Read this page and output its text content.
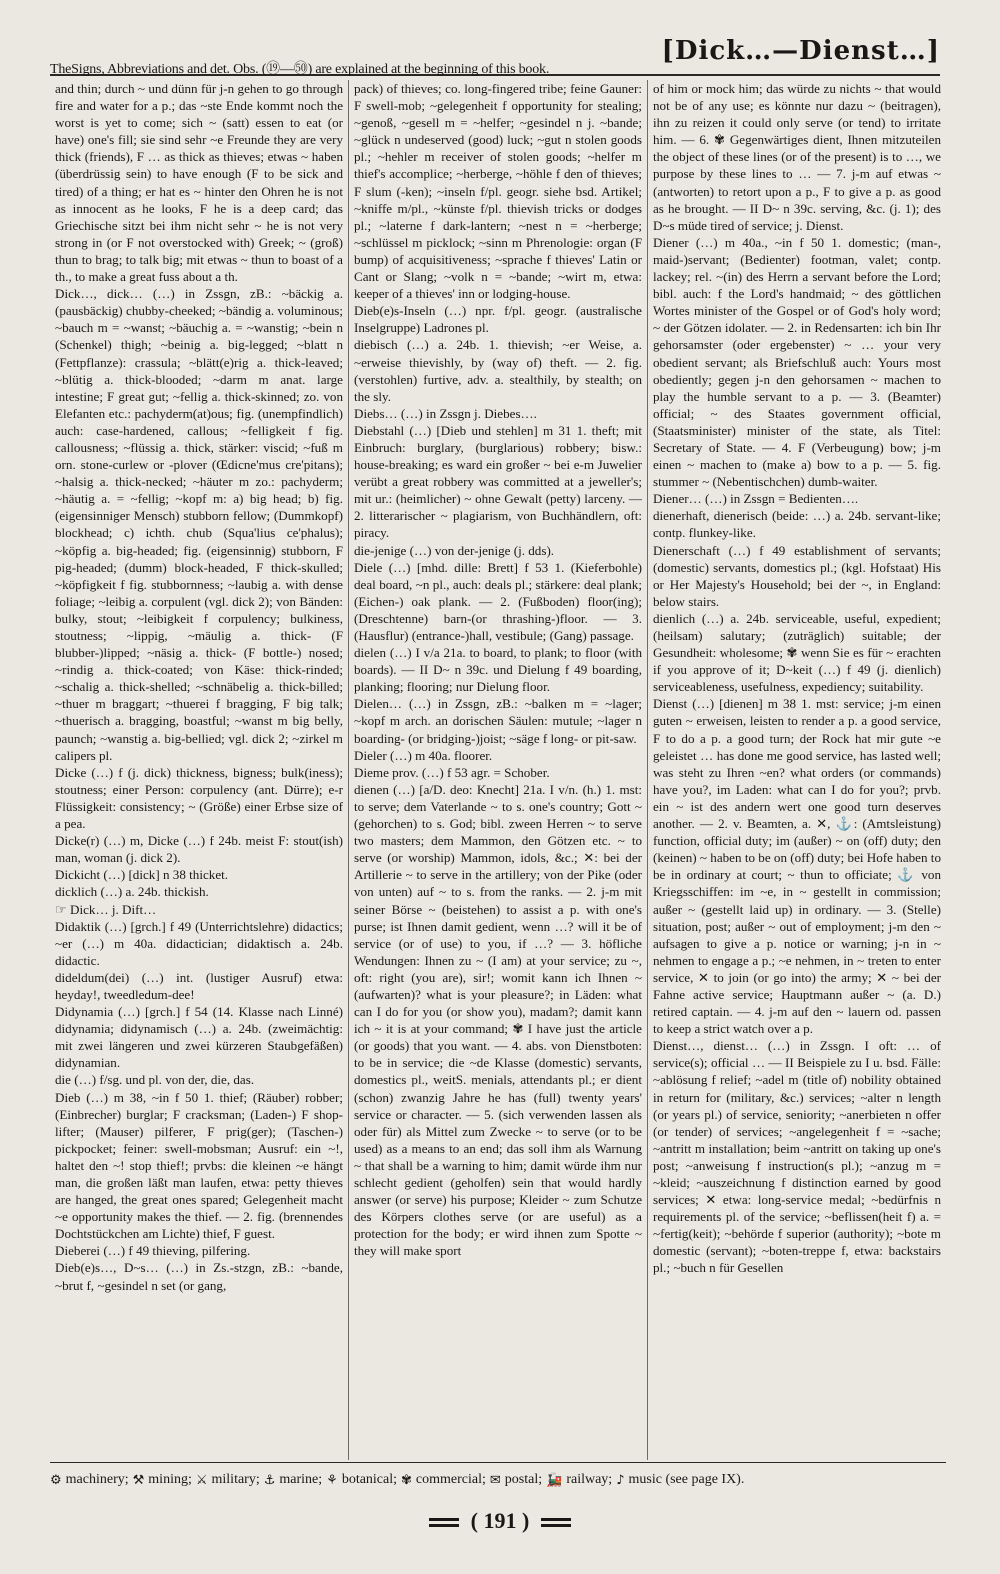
TheSigns, Abbreviations and det. Obs. (⑲—㊿) are explained at the beginning of this book.
[Dick…—Dienst…]

and thin; durch ~ und dünn für j-n gehen to go through fire and water for a p.; das ~ste Ende kommt noch the worst is yet to come; sich ~ (satt) essen to eat (or have) one's fill; sie sind sehr ~e Freunde they are very thick (friends), F … as thick as thieves; etwas ~ haben (überdrüssig sein) to have enough (F to be sick and tired) of a thing; er hat es ~ hinter den Ohren he is not as innocent as he looks, F he is a deep card; das Griechische sitzt bei ihm nicht sehr ~ he is not very strong in (or F not overstocked with) Greek; ~ (groß) thun to brag; to talk big; mit etwas ~ thun to boast of a th., to make a great fuss about a th.

Dick…, dick… (…) in Zssgn, zB.: ~bäckig a. (pausbäckig) chubby-cheeked; ~bändig a. voluminous; ~bauch m = ~wanst; ~bäuchig a. = ~wanstig; ~bein n (Schenkel) thigh; ~beinig a. big-legged; ~blatt n (Fettpflanze): crassula; ~blätt(e)rig a. thick-leaved; ~blütig a. thick-blooded; ~darm m anat. large intestine; F great gut; ~fellig a. thick-skinned; zo. von Elefanten etc.: pachyderm(at)ous; fig. (unempfindlich) auch: case-hardened, callous; ~felligkeit f fig. callousness; ~flüssig a. thick, stärker: viscid; ~fuß m orn. stone-curlew or -plover (Œdicne'mus cre'pitans); ~halsig a. thick-necked; ~häuter m zo.: pachyderm; ~häutig a. = ~fellig; ~kopf m: a) big head; b) fig. (eigensinniger Mensch) stubborn fellow; (Dummkopf) blockhead; c) ichth. chub (Squa'lius ce'phalus); ~köpfig a. big-headed; fig. (eigensinnig) stubborn, F pig-headed; (dumm) block-headed, F thick-skulled; ~köpfigkeit f fig. stubbornness; ~laubig a. with dense foliage; ~leibig a. corpulent (vgl. dick 2); von Bänden: bulky, stout; ~leibigkeit f corpulency; bulkiness, stoutness; ~lippig, ~mäulig a. thick- (F blubber-)lipped; ~näsig a. thick- (F bottle-) nosed; ~rindig a. thick-coated; von Käse: thick-rinded; ~schalig a. thick-shelled; ~schnäbelig a. thick-billed; ~thuer m braggart; ~thuerei f bragging, F big talk; ~thuerisch a. bragging, boastful; ~wanst m big belly, paunch; ~wanstig a. big-bellied; vgl. dick 2; ~zirkel m calipers pl.

Dicke (…) f (j. dick) thickness, bigness; bulk(iness); stoutness; einer Person: corpulency (ant. Dürre); e-r Flüssigkeit: consistency; ~ (Größe) einer Erbse size of a pea.

Dicke(r) (…) m, Dicke (…) f 24b. meist F: stout(ish) man, woman (j. dick 2).

Dickicht (…) [dick] n 38 thicket.

dicklich (…) a. 24b. thickish.

☞ Dick… j. Dift…

Didaktik (…) [grch.] f 49 (Unterrichtslehre) didactics; ~er (…) m 40a. didactician; didaktisch a. 24b. didactic.

dideldum(dei) (…) int. (lustiger Ausruf) etwa: heyday!, tweedledum-dee!

Didynamia (…) [grch.] f 54 (14. Klasse nach Linné) didynamia; didynamisch (…) a. 24b. (zweimächtig: mit zwei längeren und zwei kürzeren Staubgefäßen) didynamian.

die (…) f/sg. und pl. von der, die, das.

Dieb (…) m 38, ~in f 50 1. thief; (Räuber) robber; (Einbrecher) burglar; F cracksman; (Laden-) F shop-lifter; (Mauser) pilferer, F prig(ger); (Taschen-) pickpocket; feiner: swell-mobsman; Ausruf: ein ~!, haltet den ~! stop thief!; prvbs: die kleinen ~e hängt man, die großen läßt man laufen, etwa: petty thieves are hanged, the great ones spared; Gelegenheit macht ~e opportunity makes the thief. — 2. fig. (brennendes Dochtstückchen am Lichte) thief, F guest.

Dieberei (…) f 49 thieving, pilfering.

Dieb(e)s…, D~s… (…) in Zs.-stzgn, zB.: ~bande, ~brut f, ~gesindel n set (or gang,

pack) of thieves; co. long-fingered tribe; feine Gauner: F swell-mob; ~gelegenheit f opportunity for stealing; ~genoß, ~gesell m = ~helfer; ~gesindel n j. ~bande; ~glück n undeserved (good) luck; ~gut n stolen goods pl.; ~hehler m receiver of stolen goods; ~helfer m thief's accomplice; ~herberge, ~höhle f den of thieves; F slum (-ken); ~inseln f/pl. geogr. siehe bsd. Artikel; ~kniffe m/pl., ~künste f/pl. thievish tricks or dodges pl.; ~laterne f dark-lantern; ~nest n = ~herberge; ~schlüssel m picklock; ~sinn m Phrenologie: organ (F bump) of acquisitiveness; ~sprache f thieves' Latin or Cant or Slang; ~volk n = ~bande; ~wirt m, etwa: keeper of a thieves' inn or lodging-house.

Dieb(e)s-Inseln (…) npr. f/pl. geogr. (australische Inselgruppe) Ladrones pl.

diebisch (…) a. 24b. 1. thievish; ~er Weise, a. ~erweise thievishly, by (way of) theft. — 2. fig. (verstohlen) furtive, adv. a. stealthily, by stealth; on the sly.

Diebs… (…) in Zssgn j. Diebes….

Diebstahl (…) [Dieb und stehlen] m 31 1. theft; mit Einbruch: burglary, (burglarious) robbery; bisw.: house-breaking; es ward ein großer ~ bei e-m Juwelier verübt a great robbery was committed at a jeweller's; mit ur.: (heimlicher) ~ ohne Gewalt (petty) larceny. — 2. litterarischer ~ plagiarism, von Buchhändlern, oft: piracy.

die-jenige (…) von der-jenige (j. dds).

Diele (…) [mhd. dille: Brett] f 53 1. (Kieferbohle) deal board, ~n pl., auch: deals pl.; stärkere: deal plank; (Eichen-) oak plank. — 2. (Fußboden) floor(ing); (Dreschtenne) barn-(or thrashing-)floor. — 3. (Hausflur) (entrance-)hall, vestibule; (Gang) passage.

dielen (…) I v/a 21a. to board, to plank; to floor (with boards). — II D~ n 39c. und Dielung f 49 boarding, planking; flooring; nur Dielung floor.

Dielen… (…) in Zssgn, zB.: ~balken m = ~lager; ~kopf m arch. an dorischen Säulen: mutule; ~lager n boarding- (or bridging-)joist; ~säge f long- or pit-saw.

Dieler (…) m 40a. floorer.

Dieme prov. (…) f 53 agr. = Schober.

dienen (…) [a/D. deo: Knecht] 21a. I v/n. (h.) 1. mst: to serve; dem Vaterlande ~ to s. one's country; Gott ~ (gehorchen) to s. God; bibl. zween Herren ~ to serve two masters; dem Mammon, den Götzen etc. ~ to serve (or worship) Mammon, idols, &c.; ✕: bei der Artillerie ~ to serve in the artillery; von der Pike (oder von unten) auf ~ to s. from the ranks. — 2. j-m mit seiner Börse ~ (beistehen) to assist a p. with one's purse; ist Ihnen damit gedient, wenn …? will it be of service (or of use) to you, if …? — 3. höfliche Wendungen: Ihnen zu ~ (I am) at your service; zu ~, oft: right (you are), sir!; womit kann ich Ihnen ~ (aufwarten)? what is your pleasure?; in Läden: what can I do for you (or show you), madam?; damit kann ich ~ it is at your command; ✾ I have just the article (or goods) that you want. — 4. abs. von Dienstboten: to be in service; die ~de Klasse (domestic) servants, domestics pl., weitS. menials, attendants pl.; er dient (schon) zwanzig Jahre he has (full) twenty years' service or character. — 5. (sich verwenden lassen als oder für) als Mittel zum Zwecke ~ to serve (or to be used) as a means to an end; das soll ihm als Warnung ~ that shall be a warning to him; damit würde ihm nur schlecht gedient (geholfen) sein that would hardly answer (or serve) his purpose; Kleider ~ zum Schutze des Körpers clothes serve (or are useful) as a protection for the body; er wird ihnen zum Spotte ~ they will make sport

of him or mock him; das würde zu nichts ~ that would not be of any use; es könnte nur dazu ~ (beitragen), ihn zu reizen it could only serve (or tend) to irritate him. — 6. ✾ Gegenwärtiges dient, Ihnen mitzuteilen the object of these lines (or of the present) is to …, we purpose by these lines to … — 7. j-m auf etwas ~ (antworten) to retort upon a p., F to give a p. as good as he brought. — II D~ n 39c. serving, &c. (j. 1); des D~s müde tired of service; j. Dienst.

Diener (…) m 40a., ~in f 50 1. domestic; (man-, maid-)servant; (Bedienter) footman, valet; contp. lackey; rel. ~(in) des Herrn a servant before the Lord; bibl. auch: f the Lord's handmaid; ~ des göttlichen Wortes minister of the Gospel or of God's holy word; ~ der Götzen idolater. — 2. in Redensarten: ich bin Ihr gehorsamster (oder ergebenster) ~ … your very obedient servant; als Briefschluß auch: Yours most obediently; gegen j-n den gehorsamen ~ machen to play the humble servant to a p. — 3. (Beamter) official; ~ des Staates government official, (Staatsminister) minister of the state, als Titel: Secretary of State. — 4. F (Verbeugung) bow; j-m einen ~ machen to (make a) bow to a p. — 5. fig. stummer ~ (Nebentischchen) dumb-waiter.

Diener… (…) in Zssgn = Bedienten….

dienerhaft, dienerisch (beide: …) a. 24b. servant-like; contp. flunkey-like.

Dienerschaft (…) f 49 establishment of servants; (domestic) servants, domestics pl.; (kgl. Hofstaat) His or Her Majesty's Household; bei der ~, in England: below stairs.

dienlich (…) a. 24b. serviceable, useful, expedient; (heilsam) salutary; (zuträglich) suitable; der Gesundheit: wholesome; ✾ wenn Sie es für ~ erachten if you approve of it; D~keit (…) f 49 (j. dienlich) serviceableness, usefulness, expediency; suitability.

Dienst (…) [dienen] m 38 1. mst: service; j-m einen guten ~ erweisen, leisten to render a p. a good service, F to do a p. a good turn; der Rock hat mir gute ~e geleistet … has done me good service, has lasted well; was steht zu Ihren ~en? what orders (or commands) have you?, im Laden: what can I do for you?; prvb. ein ~ ist des andern wert one good turn deserves another. — 2. v. Beamten, a. ✕, ⚓: (Amtsleistung) function, official duty; im (außer) ~ on (off) duty; den (keinen) ~ haben to be on (off) duty; bei Hofe haben to be in ordinary at court; ~ thun to officiate; ⚓ von Kriegsschiffen: im ~e, in ~ gestellt in commission; außer ~ (gestellt laid up) in ordinary. — 3. (Stelle) situation, post; außer ~ out of employment; j-m den ~ aufsagen to give a p. notice or warning; j-n in ~ nehmen to engage a p.; ~e nehmen, in ~ treten to enter service, ✕ to join (or go into) the army; ✕ ~ bei der Fahne active service; Hauptmann außer ~ (a. D.) retired captain. — 4. j-m auf den ~ lauern od. passen to keep a strict watch over a p.

Dienst…, dienst… (…) in Zssgn. I oft: … of service(s); official … — II Beispiele zu I u. bsd. Fälle: ~ablösung f relief; ~adel m (title of) nobility obtained in return for (military, &c.) services; ~alter n length (or years pl.) of service, seniority; ~anerbieten n offer (or tender) of services; ~angelegenheit f = ~sache; ~antritt m installation; beim ~antritt on taking up one's post; ~anweisung f instruction(s pl.); ~anzug m = ~kleid; ~auszeichnung f distinction earned by good services; ✕ etwa: long-service medal; ~bedürfnis n requirements pl. of the service; ~beflissen(heit f) a. = ~fertig(keit); ~behörde f superior (authority); ~bote m domestic (servant); ~boten-treppe f, etwa: backstairs pl.; ~buch n für Gesellen

⚙ machinery; ⚒ mining; ⚔ military; ⚓ marine; ⚘ botanical; ✾ commercial; ✉ postal; 🚂 railway; ♪ music (see page IX).
( 191 )
